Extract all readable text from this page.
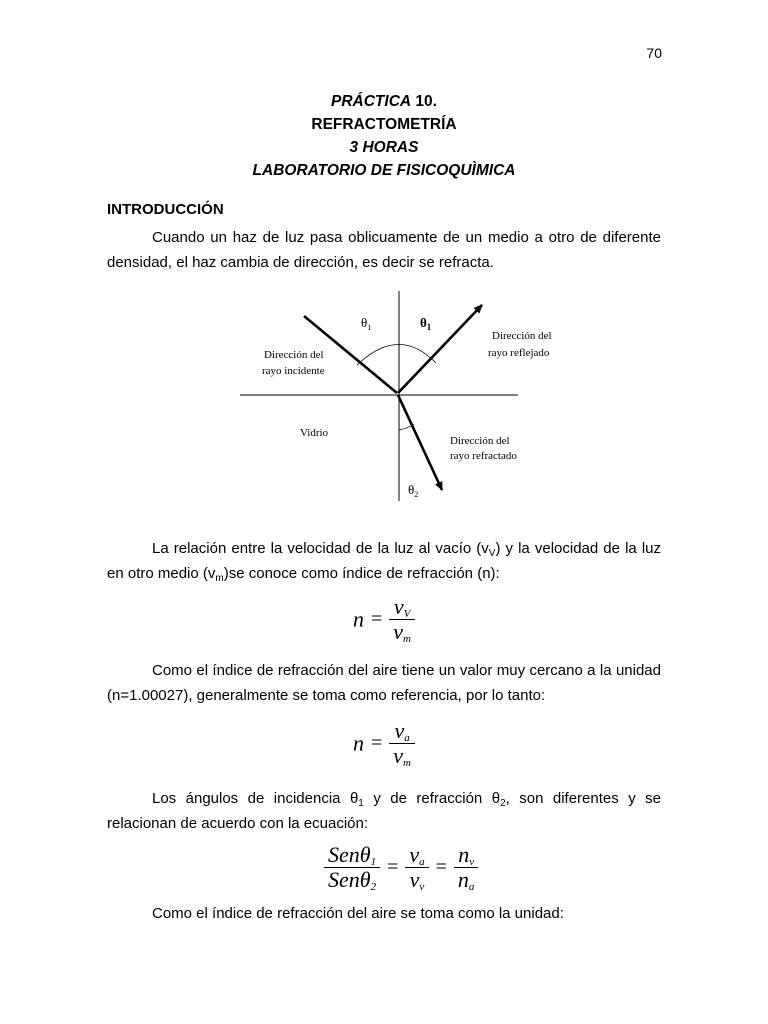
70
PRÁCTICA 10.
REFRACTOMETRÍA
3 HORAS
LABORATORIO DE FISICOQUÌMICA
INTRODUCCIÓN
Cuando un haz de luz pasa oblicuamente de un medio a otro de diferente
densidad, el haz cambia de dirección, es decir se refracta.
$\theta_1$	$\theta_1$
$\theta_2$
Dirección del
rayo incidente
Dirección del
rayo reflejado
Dirección del
rayo refractado
Vidrio
La relación entre la velocidad de la luz al vacío $(v_V)$ y la velocidad de la luz
en otro medio $(v_m)se$ conoce como índice de refracción (n):
$n = \frac{v_V}{v_m}$
Como el índice de refracción del aire tiene un valor muy cercano a la unidad
(n=1.00027), generalmente se toma como referencia, por lo tanto:
$n = \frac{v_a}{v_m}$
Los ángulos de incidencia $\theta_1$ y de refracción $\theta_2$, son diferentes y se
relacionan de acuerdo con la ecuación:
$\frac{Sen\theta_1}{Sen\theta_2} = \frac{v_a}{v_v} = \frac{n_v}{n_a}$
Como el índice de refracción del aire se toma como la unidad:
